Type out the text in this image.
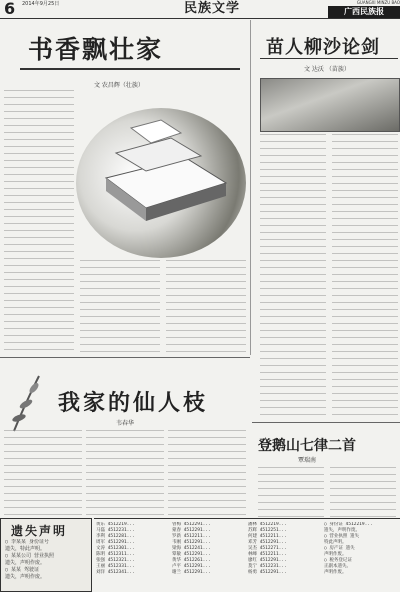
6 2014年9月25日	民族文学	GUANGXI MINZU BAO
广西民族报
书香飘壮家
文 农昌辉（壮族）
苗人柳沙论剑
文 达沃 （苗族）
我家的仙人枝
韦春华
登鹅山七律二首
覃瑞南
遗失声明
○ 李某某 身份证号
遗失，特此声明。
○ 某某公司 营业执照
遗失，声明作废。
○ 某某 驾驶证
遗失，声明作废。
黄东 4512219...
马磊 4512231...
李利 4512281...
周军 4512291...
文涛 4512301...
陈明 4512311...
张强 4512321...
王丽 4512331...
刘洋 4512341...
曾梅 4512291...
蒙春 4512291...
罗新 4512211...
韦刚 4512291...
梁海 4512241...
覃敏 4512291...
黄华 4512261...
卢平 4512291...
谢兰 4512291...
潘林 4512219...
苏辉 4512251...
何建 4512211...
邓芳 4512291...
吴杰 4512271...
林峰 4512211...
廖红 4512291...
莫宁 4512231...
杨勇 4512291...
○ 身份证 4512219...
遗失，声明作废。
○ 营业执照 遗失
特此声明。
○ 房产证 遗失
声明作废。
○ 税务登记证
正副本遗失。
声明作废。
